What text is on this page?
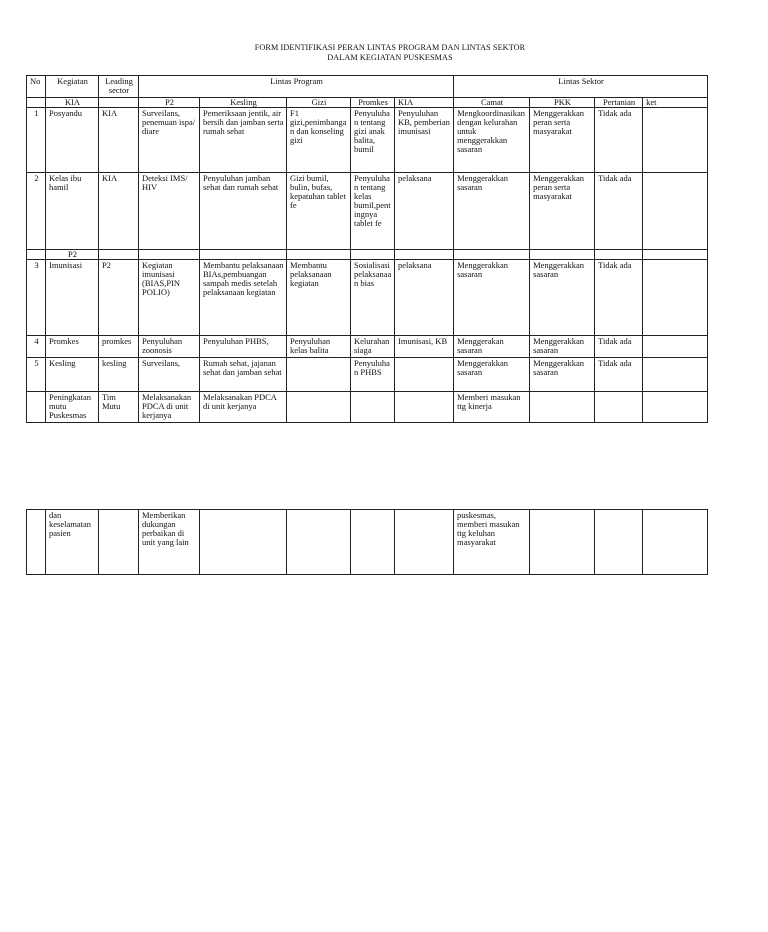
FORM IDENTIFIKASI PERAN LINTAS PROGRAM DAN LINTAS SEKTOR
DALAM KEGIATAN PUSKESMAS
No	Kegiatan	Leading sector	Lintas Program					Lintas Sektor			
	KIA		P2	Kesling	Gizi	Promkes	KIA	Camat	PKK	Pertanian	ket
1	Posyandu	KIA	Surveilans, penemuan ispa/ diare	Pemeriksaan jentik, air bersih dan jamban serta rumah sehat	F1 gizi,penimbangan dan konseling gizi	Penyuluhan tentang gizi anak balita, bumil	Penyuluhan KB, pemberian imunisasi	Mengkoordinasikan dengan kelurahan untuk menggerakkan sasaran	Menggerakkan peran serta masyarakat	Tidak ada	
2	Kelas ibu hamil	KIA	Deteksi IMS/ HIV	Penyuluhan jamban sehat dan rumah sehat	Gizi bumil, bulin, bufas, kepatuhan tablet fe	Penyuluhan tentang kelas bumil,pentingnya tablet fe	pelaksana	Menggerakkan sasaran	Menggerakkan peran serta masyarakat	Tidak ada	
	P2										
3	Imunisasi	P2	Kegiatan imunisasi (BIAS,PIN POLIO)	Membantu pelaksanaan BIAs,pembuangan sampah medis setelah pelaksanaan kegiatan	Membantu pelaksanaan kegiatan	Sosialisasi pelaksanaan bias	pelaksana	Menggerakkan sasaran	Menggerakkan sasaran	Tidak ada	
4	Promkes	promkes	Penyuluhan zoonosis	Penyuluhan PHBS,	Penyuluhan kelas balita	Kelurahan siaga	Imunisasi, KB	Menggerakan sasaran	Menggerakkan sasaran	Tidak ada	
5	Kesling	kesling	Surveilans,	Rumah sehat, jajanan sehat dan jamban sehat		Penyuluhan PHBS		Menggerakkan sasaran	Menggerakkan sasaran	Tidak ada	
	Peningkatan mutu Puskesmas	Tim Mutu	Melaksanakan PDCA di unit kerjanya	Melaksanakan PDCA di unit kerjanya				Memberi masukan ttg kinerja			
	dan keselamatan pasien		Memberikan dukungan perbaikan di unit yang lain					puskesmas, memberi masukan ttg keluhan masyarakat			
